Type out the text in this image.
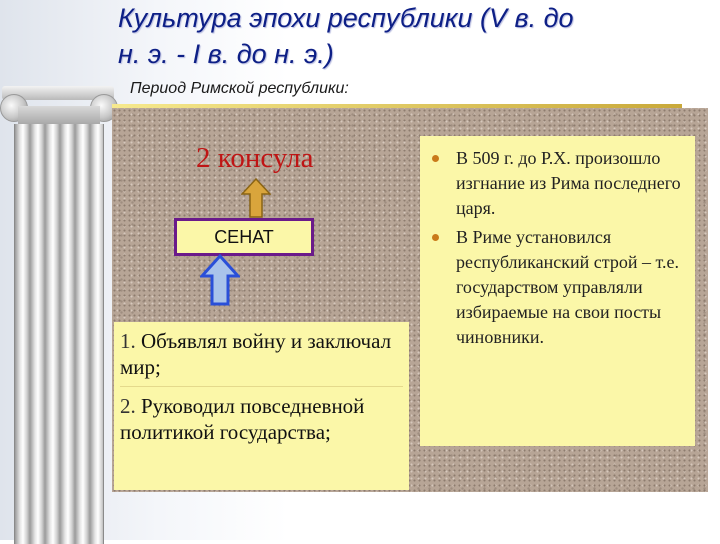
Культура эпохи республики (V в. до
н. э. - I в. до н. э.)
Период Римской республики:
2 консула
СЕНАТ

1. Объявлял войну и заключал мир;

2. Руководил повседневной политикой государства;

В 509 г. до Р.Х. произошло изгнание из Рима последнего царя.
В Риме установился республиканский строй – т.е. государством управляли избираемые на свои посты чиновники.
